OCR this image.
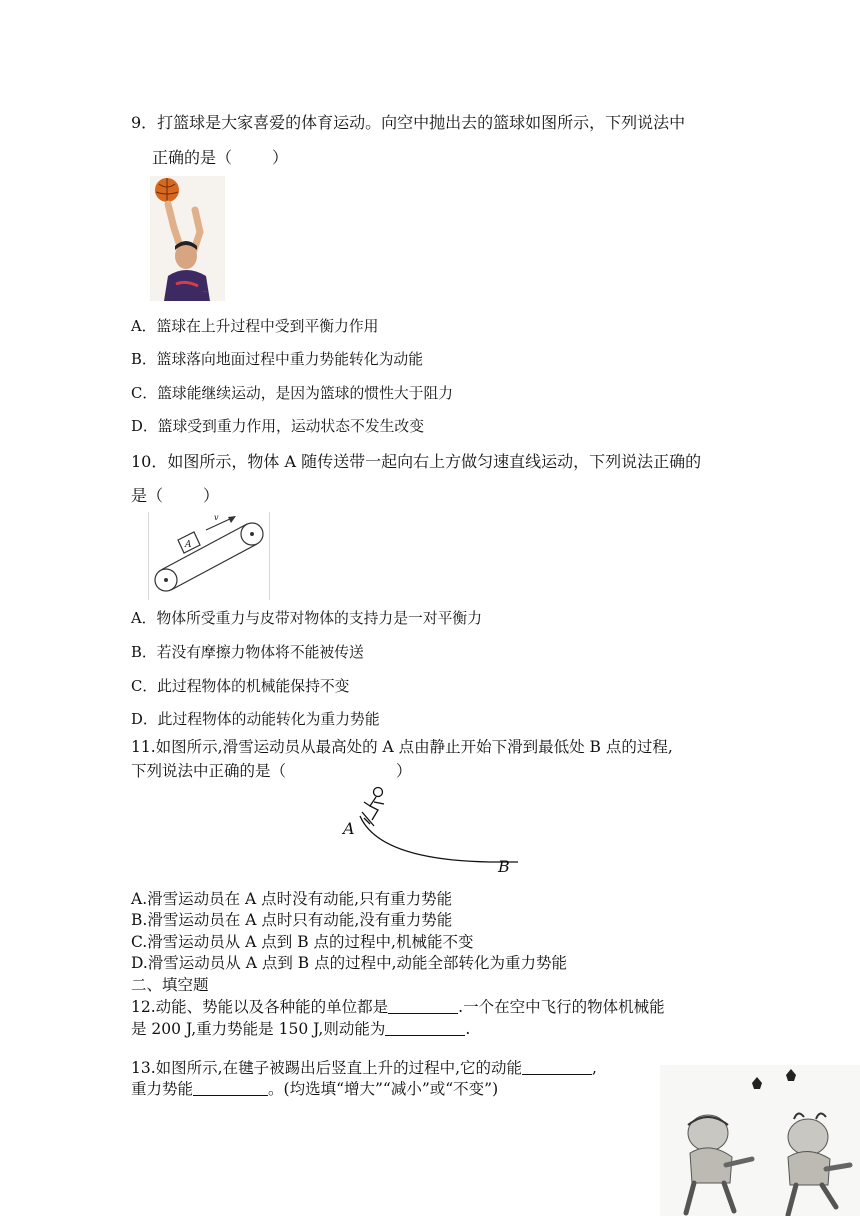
9．打篮球是大家喜爱的体育运动。向空中抛出去的篮球如图所示，下列说法中
正确的是（	）
~
A．篮球在上升过程中受到平衡力作用
B．篮球落向地面过程中重力势能转化为动能
C．篮球能继续运动，是因为篮球的惯性大于阻力
D．篮球受到重力作用，运动状态不发生改变
10．如图所示，物体 A 随传送带一起向右上方做匀速直线运动，下列说法正确的
是（	）
A
v
A．物体所受重力与皮带对物体的支持力是一对平衡力
B．若没有摩擦力物体将不能被传送
C．此过程物体的机械能保持不变
D．此过程物体的动能转化为重力势能
11.如图所示,滑雪运动员从最高处的 A 点由静止开始下滑到最低处 B 点的过程,
下列说法中正确的是（	）
A
B
A.滑雪运动员在 A 点时没有动能,只有重力势能
B.滑雪运动员在 A 点时只有动能,没有重力势能
C.滑雪运动员从 A 点到 B 点的过程中,机械能不变
D.滑雪运动员从 A 点到 B 点的过程中,动能全部转化为重力势能
二、填空题
12.动能、势能以及各种能的单位都是	.一个在空中飞行的物体机械能
是 200 J,重力势能是 150 J,则动能为	.
13.如图所示,在毽子被踢出后竖直上升的过程中,它的动能	,
重力势能	。(均选填“增大”“减小”或“不变”)
